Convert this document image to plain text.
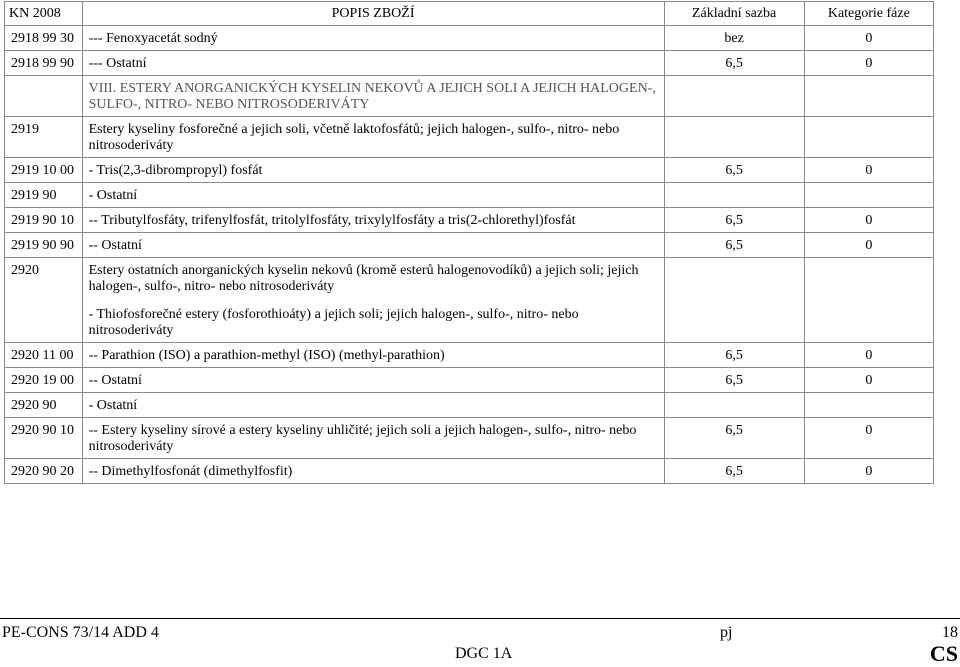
KN 2008	POPIS ZBOŽÍ	Základní sazba	Kategorie fáze
2918 99 30	--- Fenoxyacetát sodný	bez	0
2918 99 90	--- Ostatní	6,5	0

	VIII. ESTERY ANORGANICKÝCH KYSELIN NEKOVŮ A JEJICH SOLI A JEJICH HALOGEN-, SULFO-, NITRO- NEBO NITROSODERIVÁTY		

2919	Estery kyseliny fosforečné a jejich soli, včetně laktofosfátů; jejich halogen-, sulfo-, nitro- nebo nitrosoderiváty		

2919 10 00	- Tris(2,3-dibrompropyl) fosfát	6,5	0
2919 90	- Ostatní		

2919 90 10	-- Tributylfosfáty, trifenylfosfát, tritolylfosfáty, trixylylfosfáty a tris(2-chlorethyl)fosfát	6,5	0
2919 90 90	-- Ostatní	6,5	0
2920	Estery ostatních anorganických kyselin nekovů (kromě esterů halogenovodíků) a jejich soli; jejich halogen-, sulfo-, nitro- nebo nitrosoderiváty
- Thiofosforečné estery (fosforothioáty) a jejich soli; jejich halogen-, sulfo-, nitro- nebo nitrosoderiváty		

2920 11 00	-- Parathion (ISO) a parathion-methyl (ISO) (methyl-parathion)	6,5	0
2920 19 00	-- Ostatní	6,5	0
2920 90	- Ostatní		

2920 90 10	-- Estery kyseliny sírové a estery kyseliny uhličité; jejich soli a jejich halogen-, sulfo-, nitro- nebo nitrosoderiváty	6,5	0
2920 90 20	-- Dimethylfosfonát (dimethylfosfit)	6,5	0
PE-CONS 73/14 ADD 4	pj	18
DGC 1A	CS
